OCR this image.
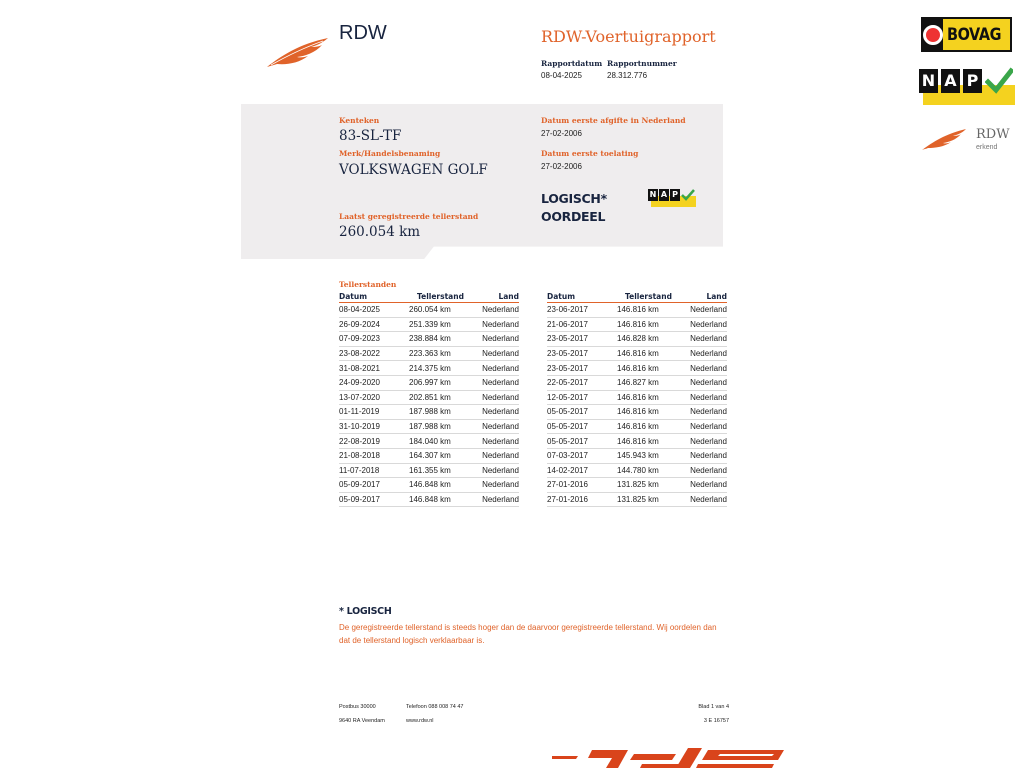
RDW	RDW-Voertuigrapport
Rapportdatum Rapportnummer
08-04-2025	28.312.776
BOVAG
N A P
RDW
erkend
Kenteken
83-SL-TF
Merk/Handelsbenaming
VOLKSWAGEN GOLF
Datum eerste afgifte in Nederland
27-02-2006
Datum eerste toelating
27-02-2006
LOGISCH*
OORDEEL
N A P
Laatst geregistreerde tellerstand
260.054 km
Tellerstanden
Datum	Tellerstand	Land
08-04-2025	260.054 km	Nederland
26-09-2024	251.339 km	Nederland
07-09-2023	238.884 km	Nederland
23-08-2022	223.363 km	Nederland
31-08-2021	214.375 km	Nederland
24-09-2020	206.997 km	Nederland
13-07-2020	202.851 km	Nederland
01-11-2019	187.988 km	Nederland
31-10-2019	187.988 km	Nederland
22-08-2019	184.040 km	Nederland
21-08-2018	164.307 km	Nederland
11-07-2018	161.355 km	Nederland
05-09-2017	146.848 km	Nederland
05-09-2017	146.848 km	Nederland
Datum	Tellerstand	Land
23-06-2017	146.816 km	Nederland
21-06-2017	146.816 km	Nederland
23-05-2017	146.828 km	Nederland
23-05-2017	146.816 km	Nederland
23-05-2017	146.816 km	Nederland
22-05-2017	146.827 km	Nederland
12-05-2017	146.816 km	Nederland
05-05-2017	146.816 km	Nederland
05-05-2017	146.816 km	Nederland
05-05-2017	146.816 km	Nederland
07-03-2017	145.943 km	Nederland
14-02-2017	144.780 km	Nederland
27-01-2016	131.825 km	Nederland
27-01-2016	131.825 km	Nederland
* LOGISCH
De geregistreerde tellerstand is steeds hoger dan de daarvoor geregistreerde tellerstand. Wij oordelen dan
dat de tellerstand logisch verklaarbaar is.
Postbus 30000
9640 RA Veendam
Telefoon 088 008 74 47
www.rdw.nl
Blad 1 van 4
3 E 16757
